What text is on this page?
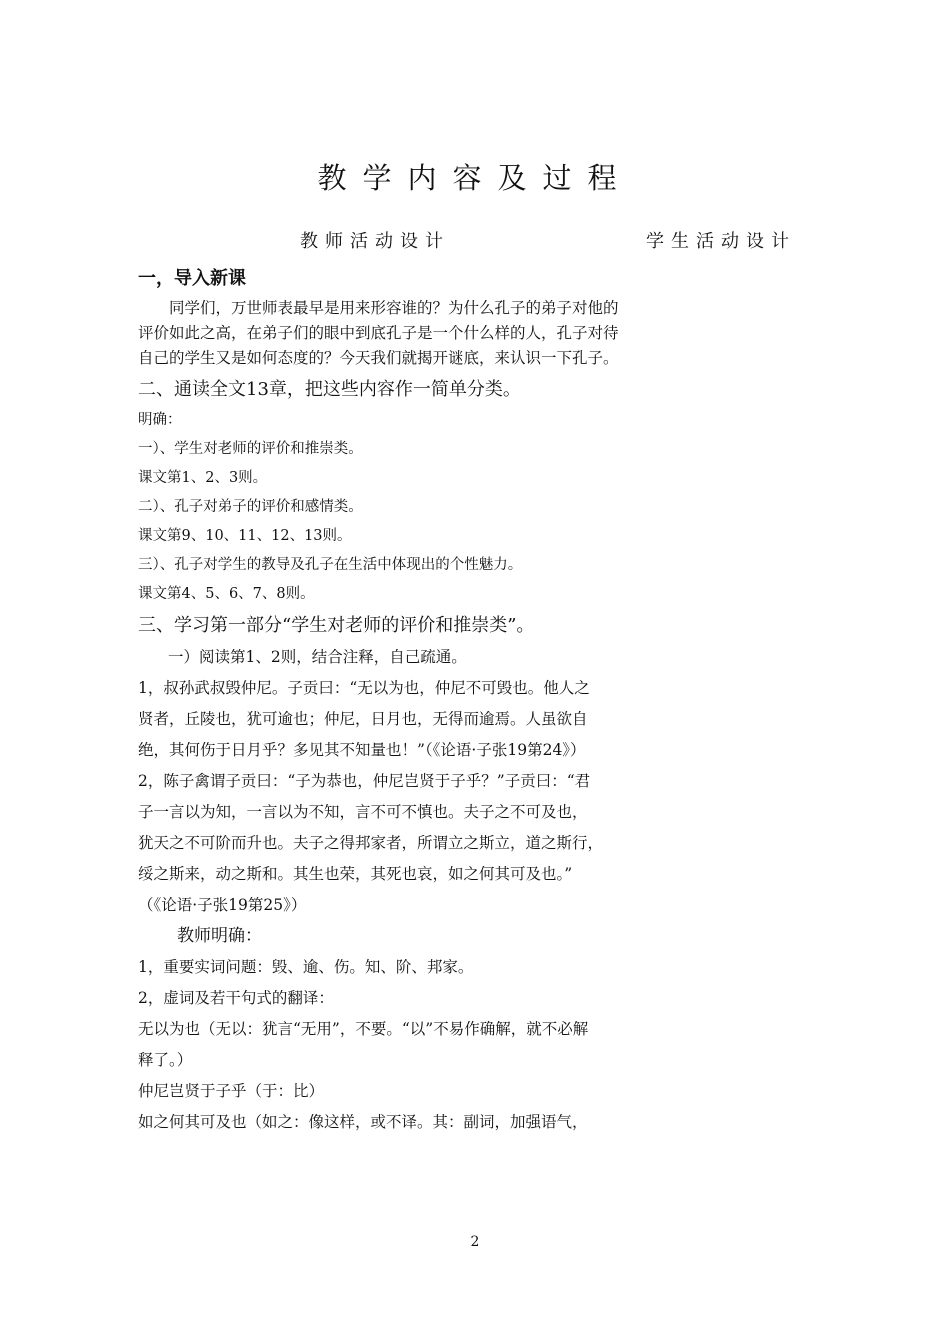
教学内容及过程
教师活动设计	学生活动设计
一，导入新课
同学们，万世师表最早是用来形容谁的？为什么孔子的弟子对他的评价如此之高，在弟子们的眼中到底孔子是一个什么样的人，孔子对待自己的学生又是如何态度的？今天我们就揭开谜底，来认识一下孔子。
二、通读全文13章，把这些内容作一简单分类。
明确：
一）、学生对老师的评价和推崇类。
课文第1、2、3则。
二）、孔子对弟子的评价和感情类。
课文第9、10、11、12、13则。
三）、孔子对学生的教导及孔子在生活中体现出的个性魅力。
课文第4、5、6、7、8则。
三、学习第一部分“学生对老师的评价和推崇类”。
一）阅读第1、2则，结合注释，自己疏通。
1，叔孙武叔毁仲尼。子贡曰：“无以为也，仲尼不可毁也。他人之
贤者，丘陵也，犹可逾也；仲尼，日月也，无得而逾焉。人虽欲自
绝，其何伤于日月乎？多见其不知量也！”（《论语·子张19第24》）
2，陈子禽谓子贡曰：“子为恭也，仲尼岂贤于子乎？”子贡曰：“君
子一言以为知，一言以为不知，言不可不慎也。夫子之不可及也，
犹天之不可阶而升也。夫子之得邦家者，所谓立之斯立，道之斯行，
绥之斯来，动之斯和。其生也荣，其死也哀，如之何其可及也。”
（《论语·子张19第25》）
教师明确：
1，重要实词问题：毁、逾、伤。知、阶、邦家。
2，虚词及若干句式的翻译：
无以为也（无以：犹言“无用”，不要。“以”不易作确解，就不必解
释了。）
仲尼岂贤于子乎（于：比）
如之何其可及也（如之：像这样，或不译。其：副词，加强语气，
2
